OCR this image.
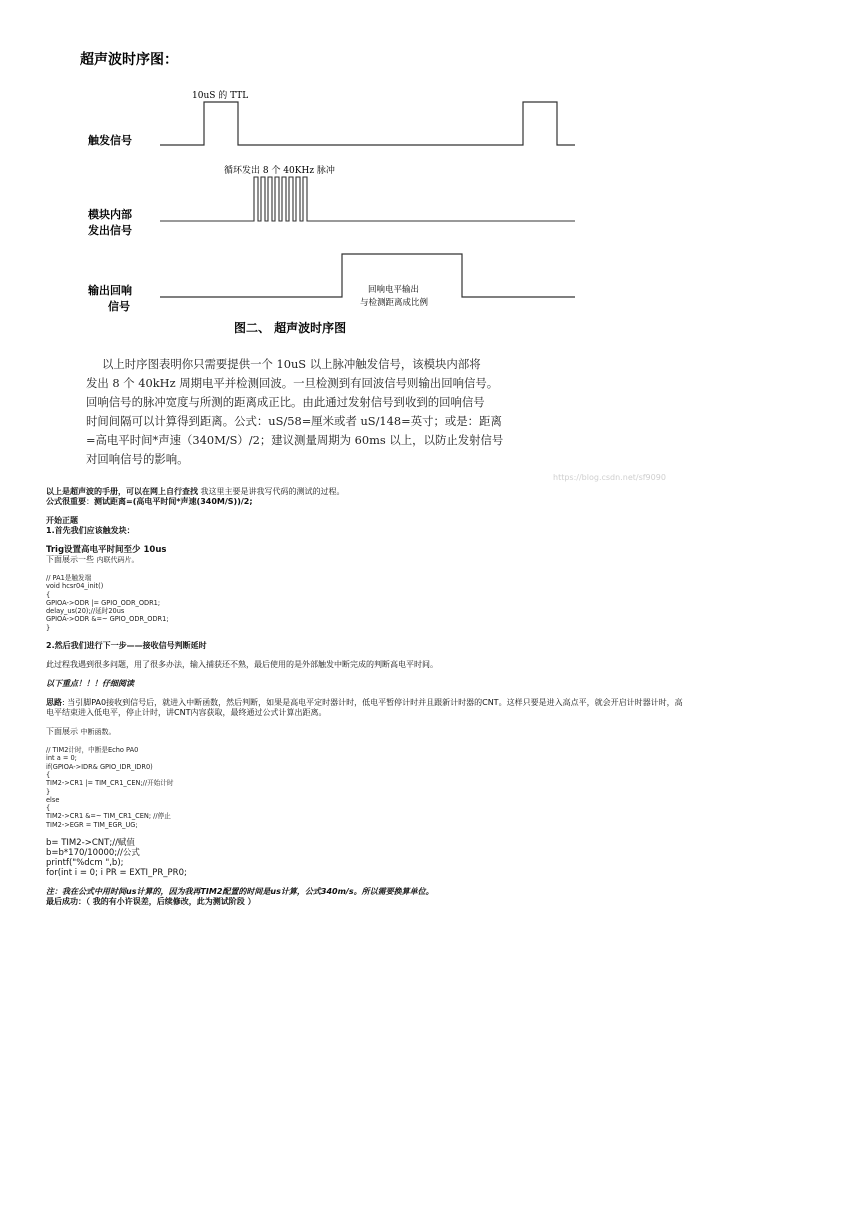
超声波时序图：
10uS 的 TTL
触发信号
循环发出 8 个 40KHz 脉冲
模块内部
发出信号
输出回响
信号
回响电平输出
与检测距离成比例
图二、 超声波时序图
以上时序图表明你只需要提供一个 10uS 以上脉冲触发信号，该模块内部将
发出 8 个 40kHz 周期电平并检测回波。一旦检测到有回波信号则输出回响信号。
回响信号的脉冲宽度与所测的距离成正比。由此通过发射信号到收到的回响信号
时间间隔可以计算得到距离。公式：uS/58=厘米或者 uS/148=英寸；或是：距离
=高电平时间*声速（340M/S）/2；建议测量周期为 60ms 以上，以防止发射信号
对回响信号的影响。
https://blog.csdn.net/sf9090

以上是超声波的手册，可以在网上自行查找 我这里主要是讲我写代码的测试的过程。

公式很重要：测试距离=(高电平时间*声速(340M/S))/2;

开始正题

1.首先我们应该触发块：

Trig设置高电平时间至少 10us

下面展示一些 内联代码片。

// PA1是触发端
void hcsr04_init()
{
GPIOA->ODR |= GPIO_ODR_ODR1;
delay_us(20);//延时20us
GPIOA->ODR &=~ GPIO_ODR_ODR1;
}

2.然后我们进行下一步——接收信号判断延时

此过程我遇到很多问题，用了很多办法，输入捕获还不熟，最后使用的是外部触发中断完成的判断高电平时间。

以下重点！！！仔细阅读

思路: 当引脚PA0接收到信号后，就进入中断函数，然后判断，如果是高电平定时器计时，低电平暂停计时并且跟新计时器的CNT。这样只要是进入高点平，就会开启计时器计时，高

电平结束进入低电平，停止计时，讲CNT内容获取，最终通过公式计算出距离。

下面展示 中断函数。

// TIM2计时，中断是Echo PA0
int a = 0;
if(GPIOA->IDR& GPIO_IDR_IDR0)
{
TIM2->CR1 |= TIM_CR1_CEN;//开始计时
}
else
{
TIM2->CR1 &=~ TIM_CR1_CEN; //停止
TIM2->EGR = TIM_EGR_UG;
b= TIM2->CNT;//赋值
b=b*170/10000;//公式
printf("%dcm ",b);
for(int i = 0; i PR = EXTI_PR_PR0;

注：我在公式中用时间us计算的，因为我再TIM2配置的时间是us计算，公式340m/s。所以需要换算单位。

最后成功：（ 我的有小许误差，后续修改，此为测试阶段 ）
